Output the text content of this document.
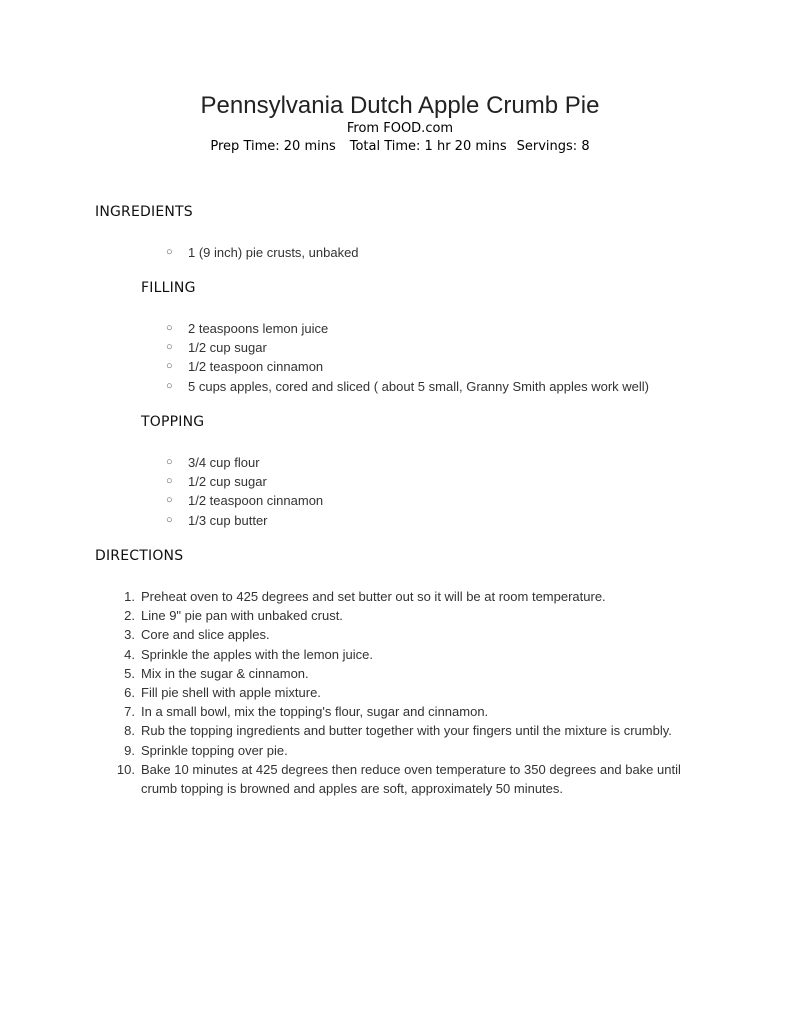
Pennsylvania Dutch Apple Crumb Pie
From FOOD.com
Prep Time: 20 mins Total Time: 1 hr 20 mins Servings: 8
INGREDIENTS
○ 1 (9 inch) pie crusts, unbaked
FILLING
○ 2 teaspoons lemon juice
○ 1/2 cup sugar
○ 1/2 teaspoon cinnamon
○ 5 cups apples, cored and sliced ( about 5 small, Granny Smith apples work well)
TOPPING
○ 3/4 cup flour
○ 1/2 cup sugar
○ 1/2 teaspoon cinnamon
○ 1/3 cup butter
DIRECTIONS
1. Preheat oven to 425 degrees and set butter out so it will be at room temperature.
2. Line 9" pie pan with unbaked crust.
3. Core and slice apples.
4. Sprinkle the apples with the lemon juice.
5. Mix in the sugar & cinnamon.
6. Fill pie shell with apple mixture.
7. In a small bowl, mix the topping's flour, sugar and cinnamon.
8. Rub the topping ingredients and butter together with your fingers until the mixture is crumbly.
9. Sprinkle topping over pie.
10. Bake 10 minutes at 425 degrees then reduce oven temperature to 350 degrees and bake until crumb topping is browned and apples are soft, approximately 50 minutes.
